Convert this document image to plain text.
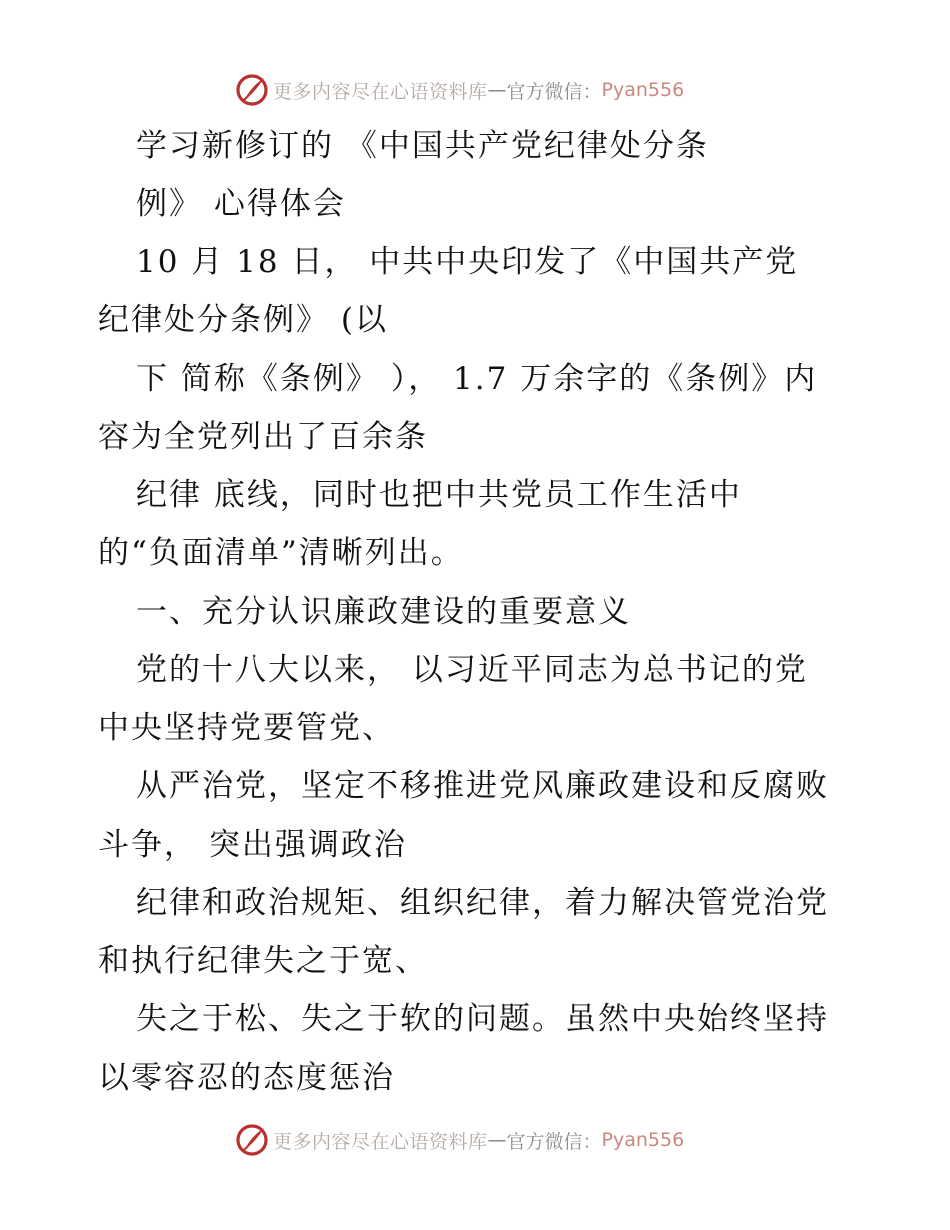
更多内容尽在心语资料库 — 官方微信： Pyan556
学习新修订的 《中国共产党纪律处分条
例》 心得体会
10 月 18 日， 中共中央印发了《中国共产党
纪律处分条例》 (以
下 简称《条例》 ）， 1.7 万余字的《条例》内
容为全党列出了百余条
纪律 底线，同时也把中共党员工作生活中
的“负面清单”清晰列出。
一、充分认识廉政建设的重要意义
党的十八大以来， 以习近平同志为总书记的党
中央坚持党要管党、
从严治党，坚定不移推进党风廉政建设和反腐败
斗争， 突出强调政治
纪律和政治规矩、组织纪律，着力解决管党治党
和执行纪律失之于宽、
失之于松、失之于软的问题。虽然中央始终坚持
以零容忍的态度惩治
更多内容尽在心语资料库 — 官方微信： Pyan556
